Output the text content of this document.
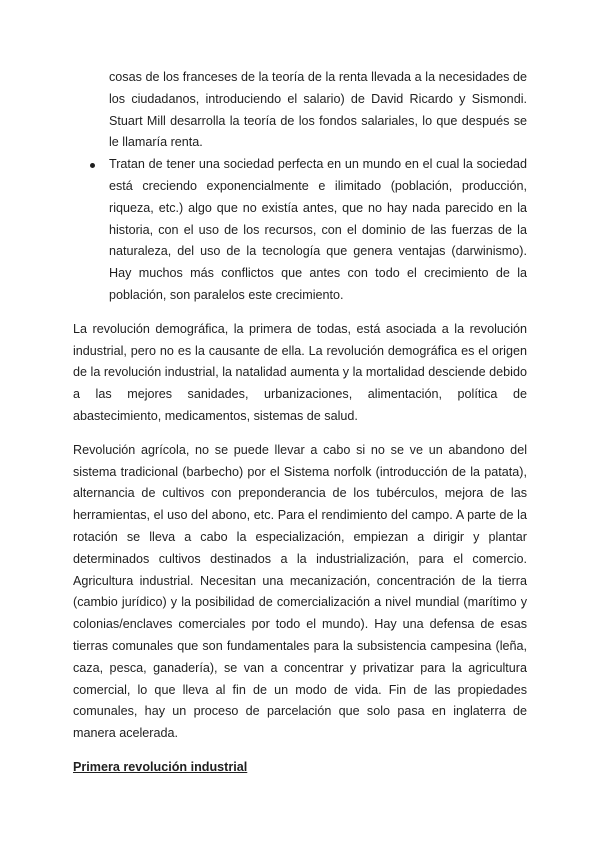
cosas de los franceses de la teoría de la renta llevada a la necesidades de los ciudadanos, introduciendo el salario) de David Ricardo y Sismondi. Stuart Mill desarrolla la teoría de los fondos salariales, lo que después se le llamaría renta.
Tratan de tener una sociedad perfecta en un mundo en el cual la sociedad está creciendo exponencialmente e ilimitado (población, producción, riqueza, etc.) algo que no existía antes, que no hay nada parecido en la historia, con el uso de los recursos, con el dominio de las fuerzas de la naturaleza, del uso de la tecnología que genera ventajas (darwinismo). Hay muchos más conflictos que antes con todo el crecimiento de la población, son paralelos este crecimiento.

La revolución demográfica, la primera de todas, está asociada a la revolución industrial, pero no es la causante de ella. La revolución demográfica es el origen de la revolución industrial, la natalidad aumenta y la mortalidad desciende debido a las mejores sanidades, urbanizaciones, alimentación, política de abastecimiento, medicamentos, sistemas de salud.

Revolución agrícola, no se puede llevar a cabo si no se ve un abandono del sistema tradicional (barbecho) por el Sistema norfolk (introducción de la patata), alternancia de cultivos con preponderancia de los tubérculos, mejora de las herramientas, el uso del abono, etc. Para el rendimiento del campo. A parte de la rotación se lleva a cabo la especialización, empiezan a dirigir y plantar determinados cultivos destinados a la industrialización, para el comercio. Agricultura industrial. Necesitan una mecanización, concentración de la tierra (cambio jurídico) y la posibilidad de comercialización a nivel mundial (marítimo y colonias/enclaves comerciales por todo el mundo). Hay una defensa de esas tierras comunales que son fundamentales para la subsistencia campesina (leña, caza, pesca, ganadería), se van a concentrar y privatizar para la agricultura comercial, lo que lleva al fin de un modo de vida. Fin de las propiedades comunales, hay un proceso de parcelación que solo pasa en inglaterra de manera acelerada.

Primera revolución industrial
